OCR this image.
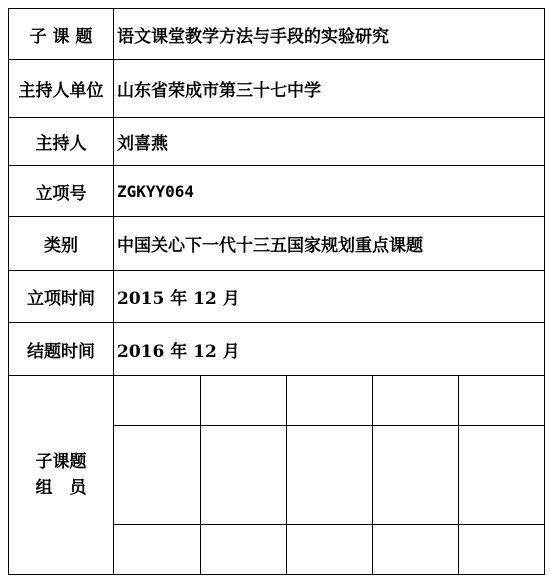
子 课 题	语文课堂教学方法与手段的实验研究
主持人单位	山东省荣成市第三十七中学
主持人	刘喜燕
立项号	ZGKYY064
类别	中国关心下一代十三五国家规划重点课题
立项时间	2015 年 12 月
结题时间	2016 年 12 月

子课题
组　员
